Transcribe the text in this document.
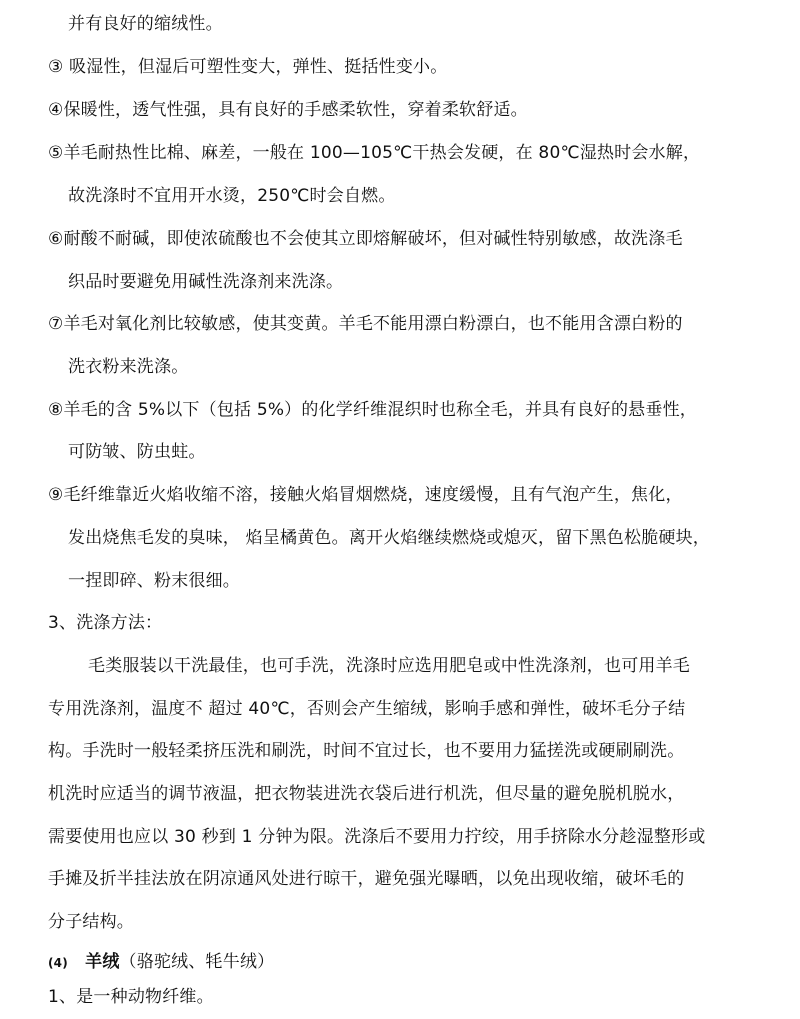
并有良好的缩绒性。
③ 吸湿性，但湿后可塑性变大，弹性、挺括性变小。
④保暖性，透气性强，具有良好的手感柔软性，穿着柔软舒适。
⑤羊毛耐热性比棉、麻差，一般在 100—105℃干热会发硬，在 80℃湿热时会水解，
故洗涤时不宜用开水烫，250℃时会自燃。
⑥耐酸不耐碱，即使浓硫酸也不会使其立即熔解破坏，但对碱性特别敏感，故洗涤毛
织品时要避免用碱性洗涤剂来洗涤。
⑦羊毛对氧化剂比较敏感，使其变黄。羊毛不能用漂白粉漂白，也不能用含漂白粉的
洗衣粉来洗涤。
⑧羊毛的含 5%以下（包括 5%）的化学纤维混织时也称全毛，并具有良好的悬垂性，
可防皱、防虫蛀。
⑨毛纤维靠近火焰收缩不溶，接触火焰冒烟燃烧，速度缓慢，且有气泡产生，焦化，
发出烧焦毛发的臭味， 焰呈橘黄色。离开火焰继续燃烧或熄灭，留下黑色松脆硬块，
一捏即碎、粉末很细。
3、洗涤方法：
毛类服装以干洗最佳，也可手洗，洗涤时应选用肥皂或中性洗涤剂，也可用羊毛
专用洗涤剂，温度不 超过 40℃，否则会产生缩绒，影响手感和弹性，破坏毛分子结
构。手洗时一般轻柔挤压洗和刷洗，时间不宜过长，也不要用力猛搓洗或硬刷刷洗。
机洗时应适当的调节液温，把衣物装进洗衣袋后进行机洗，但尽量的避免脱机脱水，
需要使用也应以 30 秒到 1 分钟为限。洗涤后不要用力拧绞，用手挤除水分趁湿整形或
手摊及折半挂法放在阴凉通风处进行晾干，避免强光曝晒，以免出现收缩，破坏毛的
分子结构。
(4) 羊绒（骆驼绒、牦牛绒）
1、是一种动物纤维。
